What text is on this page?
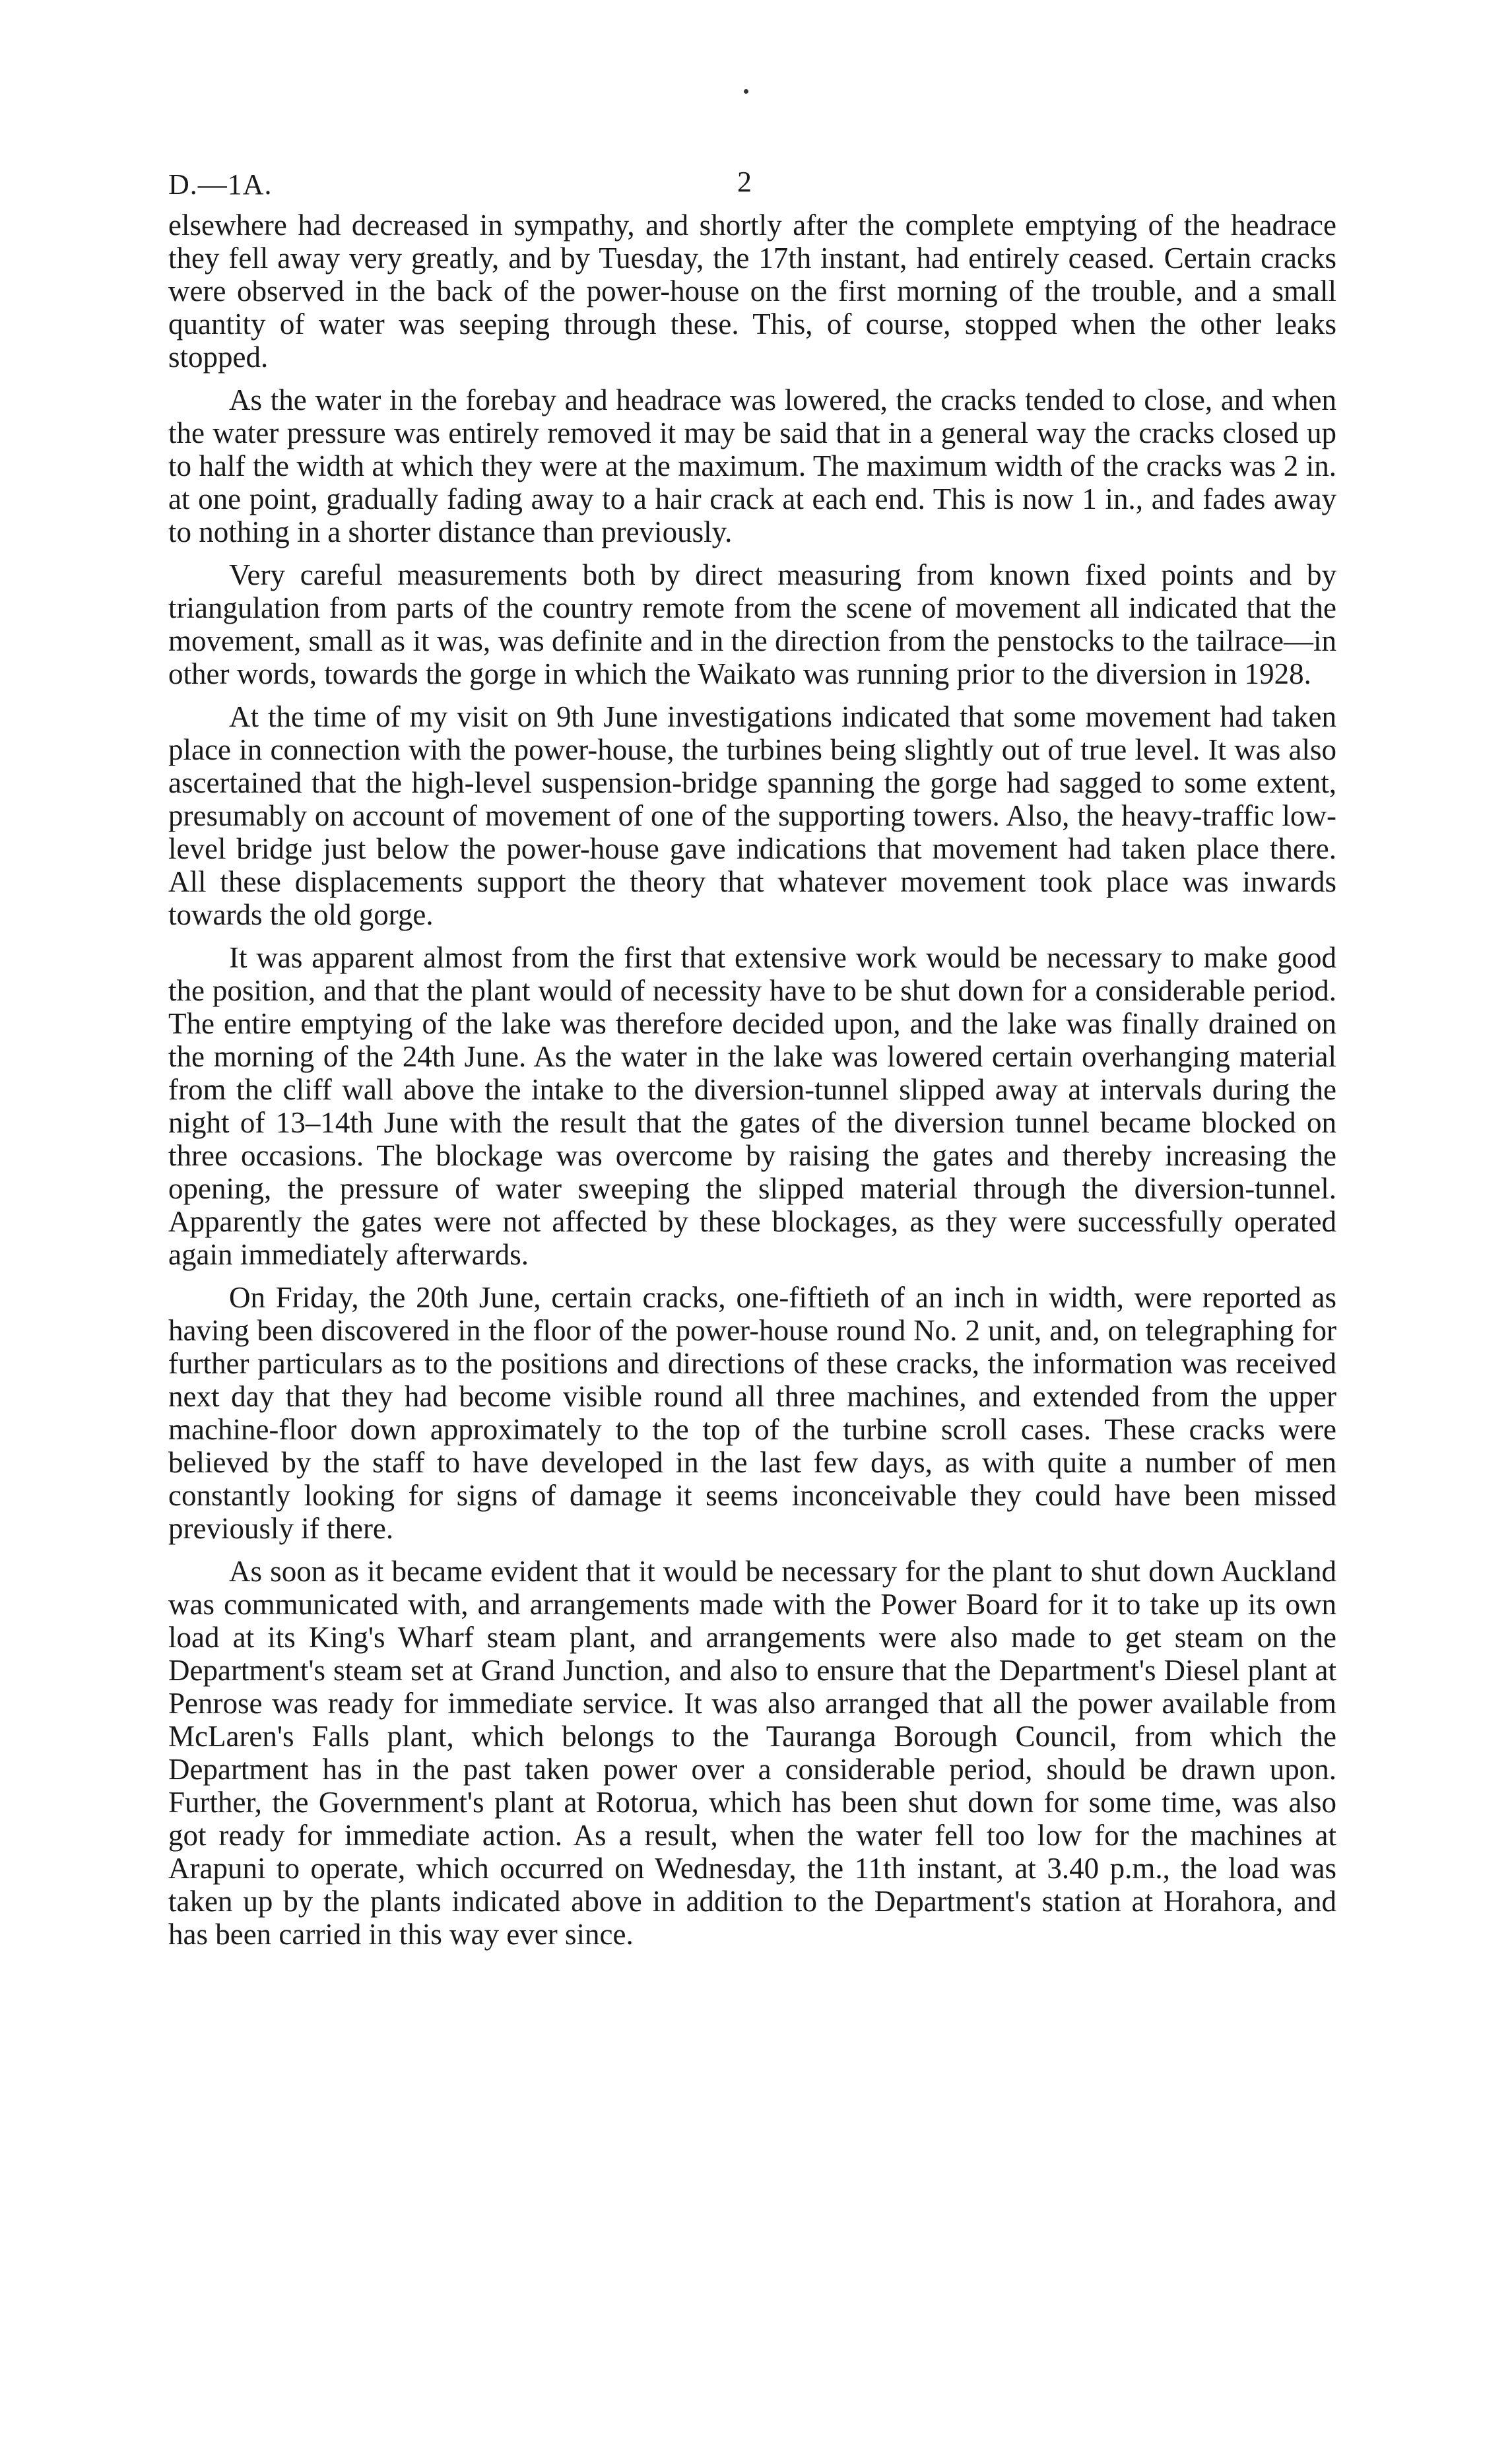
D.—1A.	2

elsewhere had decreased in sympathy, and shortly after the complete emptying of the headrace they fell away very greatly, and by Tuesday, the 17th instant, had entirely ceased. Certain cracks were observed in the back of the power-house on the first morning of the trouble, and a small quantity of water was seeping through these. This, of course, stopped when the other leaks stopped.

As the water in the forebay and headrace was lowered, the cracks tended to close, and when the water pressure was entirely removed it may be said that in a general way the cracks closed up to half the width at which they were at the maximum. The maximum width of the cracks was 2 in. at one point, gradually fading away to a hair crack at each end. This is now 1 in., and fades away to nothing in a shorter distance than previously.

Very careful measurements both by direct measuring from known fixed points and by triangulation from parts of the country remote from the scene of movement all indicated that the movement, small as it was, was definite and in the direction from the penstocks to the tailrace—in other words, towards the gorge in which the Waikato was running prior to the diversion in 1928.

At the time of my visit on 9th June investigations indicated that some movement had taken place in connection with the power-house, the turbines being slightly out of true level. It was also ascertained that the high-level suspension-bridge spanning the gorge had sagged to some extent, presumably on account of movement of one of the supporting towers. Also, the heavy-traffic low-level bridge just below the power-house gave indications that movement had taken place there. All these displacements support the theory that whatever movement took place was inwards towards the old gorge.

It was apparent almost from the first that extensive work would be necessary to make good the position, and that the plant would of necessity have to be shut down for a considerable period. The entire emptying of the lake was therefore decided upon, and the lake was finally drained on the morning of the 24th June. As the water in the lake was lowered certain overhanging material from the cliff wall above the intake to the diversion-tunnel slipped away at intervals during the night of 13–14th June with the result that the gates of the diversion tunnel became blocked on three occasions. The blockage was overcome by raising the gates and thereby increasing the opening, the pressure of water sweeping the slipped material through the diversion-tunnel. Apparently the gates were not affected by these blockages, as they were successfully operated again immediately afterwards.

On Friday, the 20th June, certain cracks, one-fiftieth of an inch in width, were reported as having been discovered in the floor of the power-house round No. 2 unit, and, on telegraphing for further particulars as to the positions and directions of these cracks, the information was received next day that they had become visible round all three machines, and extended from the upper machine-floor down approximately to the top of the turbine scroll cases. These cracks were believed by the staff to have developed in the last few days, as with quite a number of men constantly looking for signs of damage it seems inconceivable they could have been missed previously if there.

As soon as it became evident that it would be necessary for the plant to shut down Auckland was communicated with, and arrangements made with the Power Board for it to take up its own load at its King's Wharf steam plant, and arrangements were also made to get steam on the Department's steam set at Grand Junction, and also to ensure that the Department's Diesel plant at Penrose was ready for immediate service. It was also arranged that all the power available from McLaren's Falls plant, which belongs to the Tauranga Borough Council, from which the Department has in the past taken power over a considerable period, should be drawn upon. Further, the Government's plant at Rotorua, which has been shut down for some time, was also got ready for immediate action. As a result, when the water fell too low for the machines at Arapuni to operate, which occurred on Wednesday, the 11th instant, at 3.40 p.m., the load was taken up by the plants indicated above in addition to the Department's station at Horahora, and has been carried in this way ever since.
